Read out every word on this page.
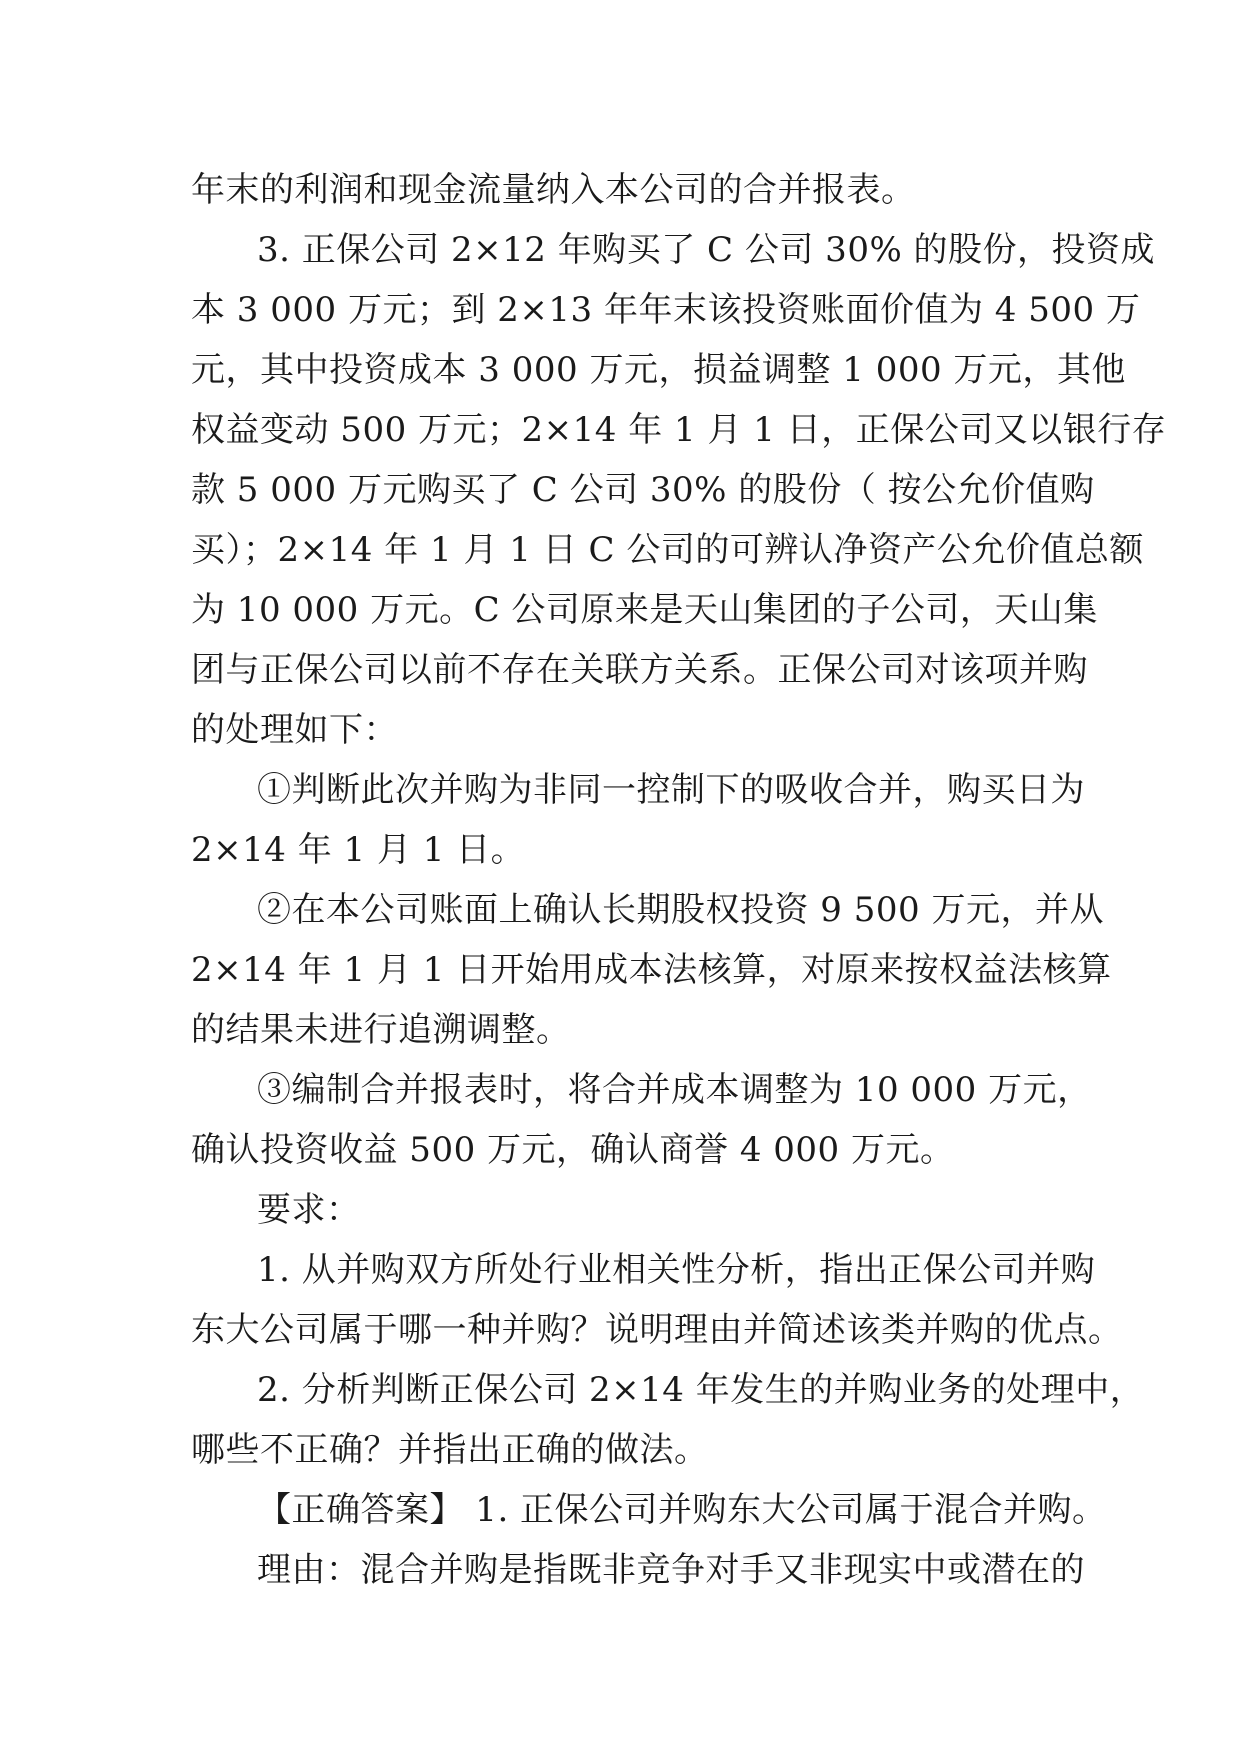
年末的利润和现金流量纳入本公司的合并报表。
3. 正保公司 2×12 年购买了 C 公司 30% 的股份，投资成
本 3 000 万元；到 2×13 年年末该投资账面价值为 4 500 万
元，其中投资成本 3 000 万元，损益调整 1 000 万元，其他
权益变动 500 万元；2×14 年 1 月 1 日，正保公司又以银行存
款 5 000 万元购买了 C 公司 30% 的股份（ 按公允价值购
买）；2×14 年 1 月 1 日 C 公司的可辨认净资产公允价值总额
为 10 000 万元。C 公司原来是天山集团的子公司，天山集
团与正保公司以前不存在关联方关系。正保公司对该项并购
的处理如下：
①判断此次并购为非同一控制下的吸收合并，购买日为
2×14 年 1 月 1 日。
②在本公司账面上确认长期股权投资 9 500 万元，并从
2×14 年 1 月 1 日开始用成本法核算，对原来按权益法核算
的结果未进行追溯调整。
③编制合并报表时，将合并成本调整为 10 000 万元，
确认投资收益 500 万元，确认商誉 4 000 万元。
要求：
1. 从并购双方所处行业相关性分析，指出正保公司并购
东大公司属于哪一种并购？说明理由并简述该类并购的优点。
2. 分析判断正保公司 2×14 年发生的并购业务的处理中，
哪些不正确？并指出正确的做法。
【正确答案】 1. 正保公司并购东大公司属于混合并购。
理由：混合并购是指既非竞争对手又非现实中或潜在的
